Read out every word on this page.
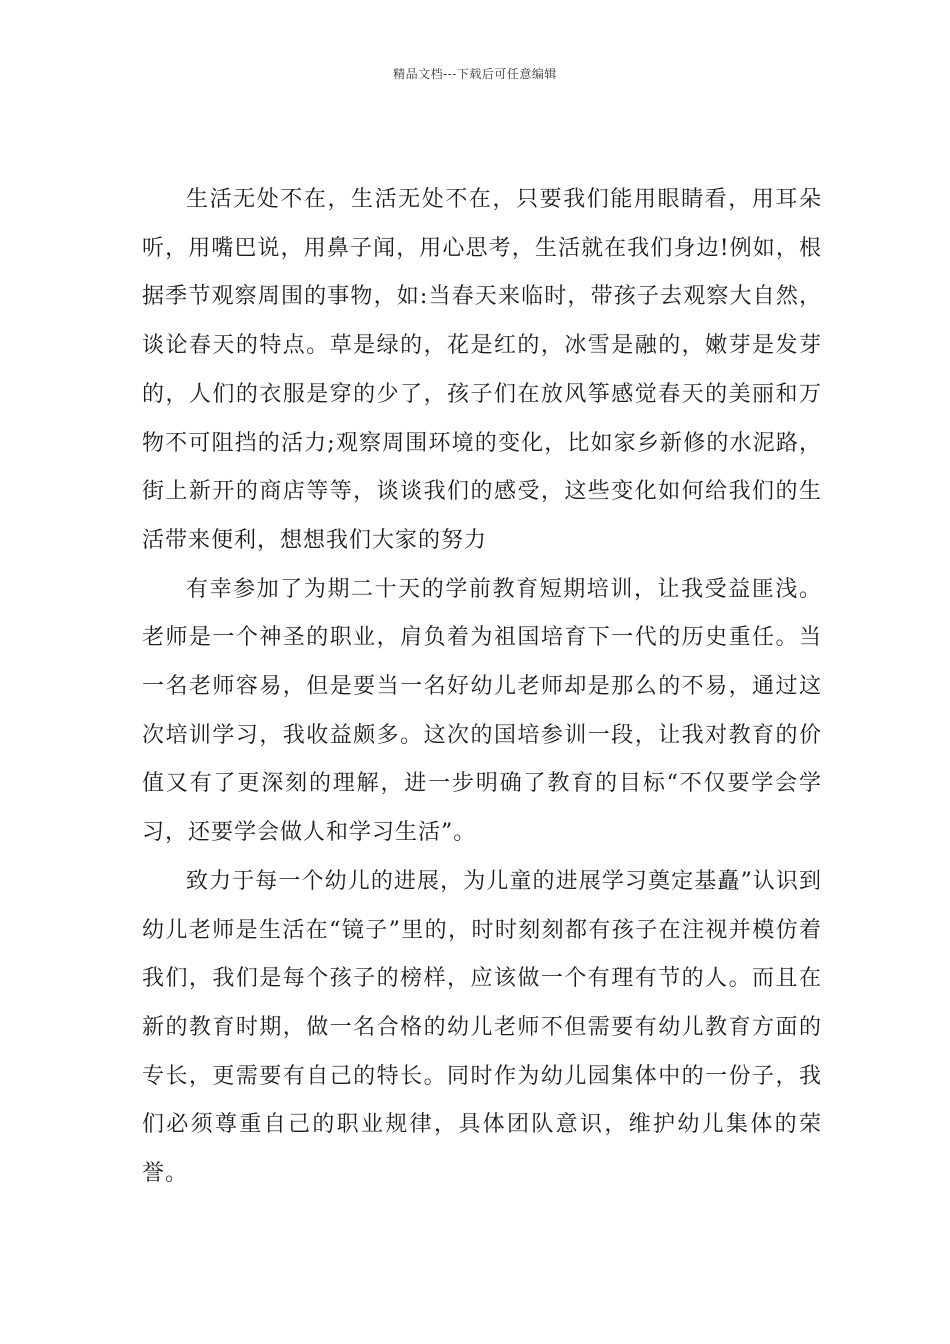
精品文档---下载后可任意编辑

生活无处不在，生活无处不在，只要我们能用眼睛看，用耳朵听，用嘴巴说，用鼻子闻，用心思考，生活就在我们身边!例如，根据季节观察周围的事物，如:当春天来临时，带孩子去观察大自然，谈论春天的特点。草是绿的，花是红的，冰雪是融的，嫩芽是发芽的，人们的衣服是穿的少了，孩子们在放风筝感觉春天的美丽和万物不可阻挡的活力;观察周围环境的变化，比如家乡新修的水泥路，街上新开的商店等等，谈谈我们的感受，这些变化如何给我们的生活带来便利，想想我们大家的努力

有幸参加了为期二十天的学前教育短期培训，让我受益匪浅。老师是一个神圣的职业，肩负着为祖国培育下一代的历史重任。当一名老师容易，但是要当一名好幼儿老师却是那么的不易，通过这次培训学习，我收益颇多。这次的国培参训一段，让我对教育的价值又有了更深刻的理解，进一步明确了教育的目标“不仅要学会学习，还要学会做人和学习生活”。

致力于每一个幼儿的进展，为儿童的进展学习奠定基矗”认识到幼儿老师是生活在“镜子”里的，时时刻刻都有孩子在注视并模仿着我们，我们是每个孩子的榜样，应该做一个有理有节的人。而且在新的教育时期，做一名合格的幼儿老师不但需要有幼儿教育方面的专长，更需要有自己的特长。同时作为幼儿园集体中的一份子，我们必须尊重自己的职业规律，具体团队意识，维护幼儿集体的荣誉。
